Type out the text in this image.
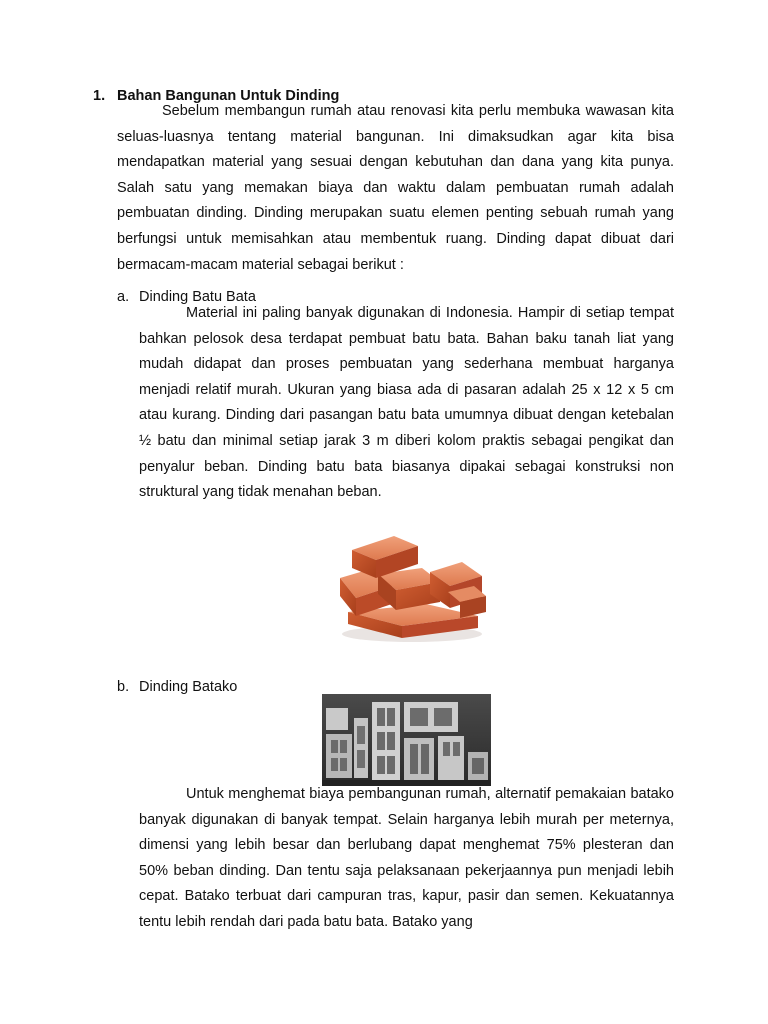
1. Bahan Bangunan Untuk Dinding

Sebelum membangun rumah atau renovasi kita perlu membuka wawasan kita seluas-luasnya tentang material bangunan. Ini dimaksudkan agar kita bisa mendapatkan material yang sesuai dengan kebutuhan dan dana yang kita punya. Salah satu yang memakan biaya dan waktu dalam pembuatan rumah adalah pembuatan dinding. Dinding merupakan suatu elemen penting sebuah rumah yang berfungsi untuk memisahkan atau membentuk ruang. Dinding dapat dibuat dari bermacam-macam material sebagai berikut :

a. Dinding Batu Bata

Material ini paling banyak digunakan di Indonesia. Hampir di setiap tempat bahkan pelosok desa terdapat pembuat batu bata. Bahan baku tanah liat yang mudah didapat dan proses pembuatan yang sederhana membuat harganya menjadi relatif murah. Ukuran yang biasa ada di pasaran adalah 25 x 12 x 5 cm atau kurang. Dinding dari pasangan batu bata umumnya dibuat dengan ketebalan ½ batu dan minimal setiap jarak 3 m diberi kolom praktis sebagai pengikat dan penyalur beban. Dinding batu bata biasanya dipakai sebagai konstruksi non struktural yang tidak menahan beban.

b. Dinding Batako

Untuk menghemat biaya pembangunan rumah, alternatif pemakaian batako banyak digunakan di banyak tempat. Selain harganya lebih murah per meternya, dimensi yang lebih besar dan berlubang dapat menghemat 75% plesteran dan 50% beban dinding. Dan tentu saja pelaksanaan pekerjaannya pun menjadi lebih cepat. Batako terbuat dari campuran tras, kapur, pasir dan semen. Kekuatannya tentu lebih rendah dari pada batu bata. Batako yang
